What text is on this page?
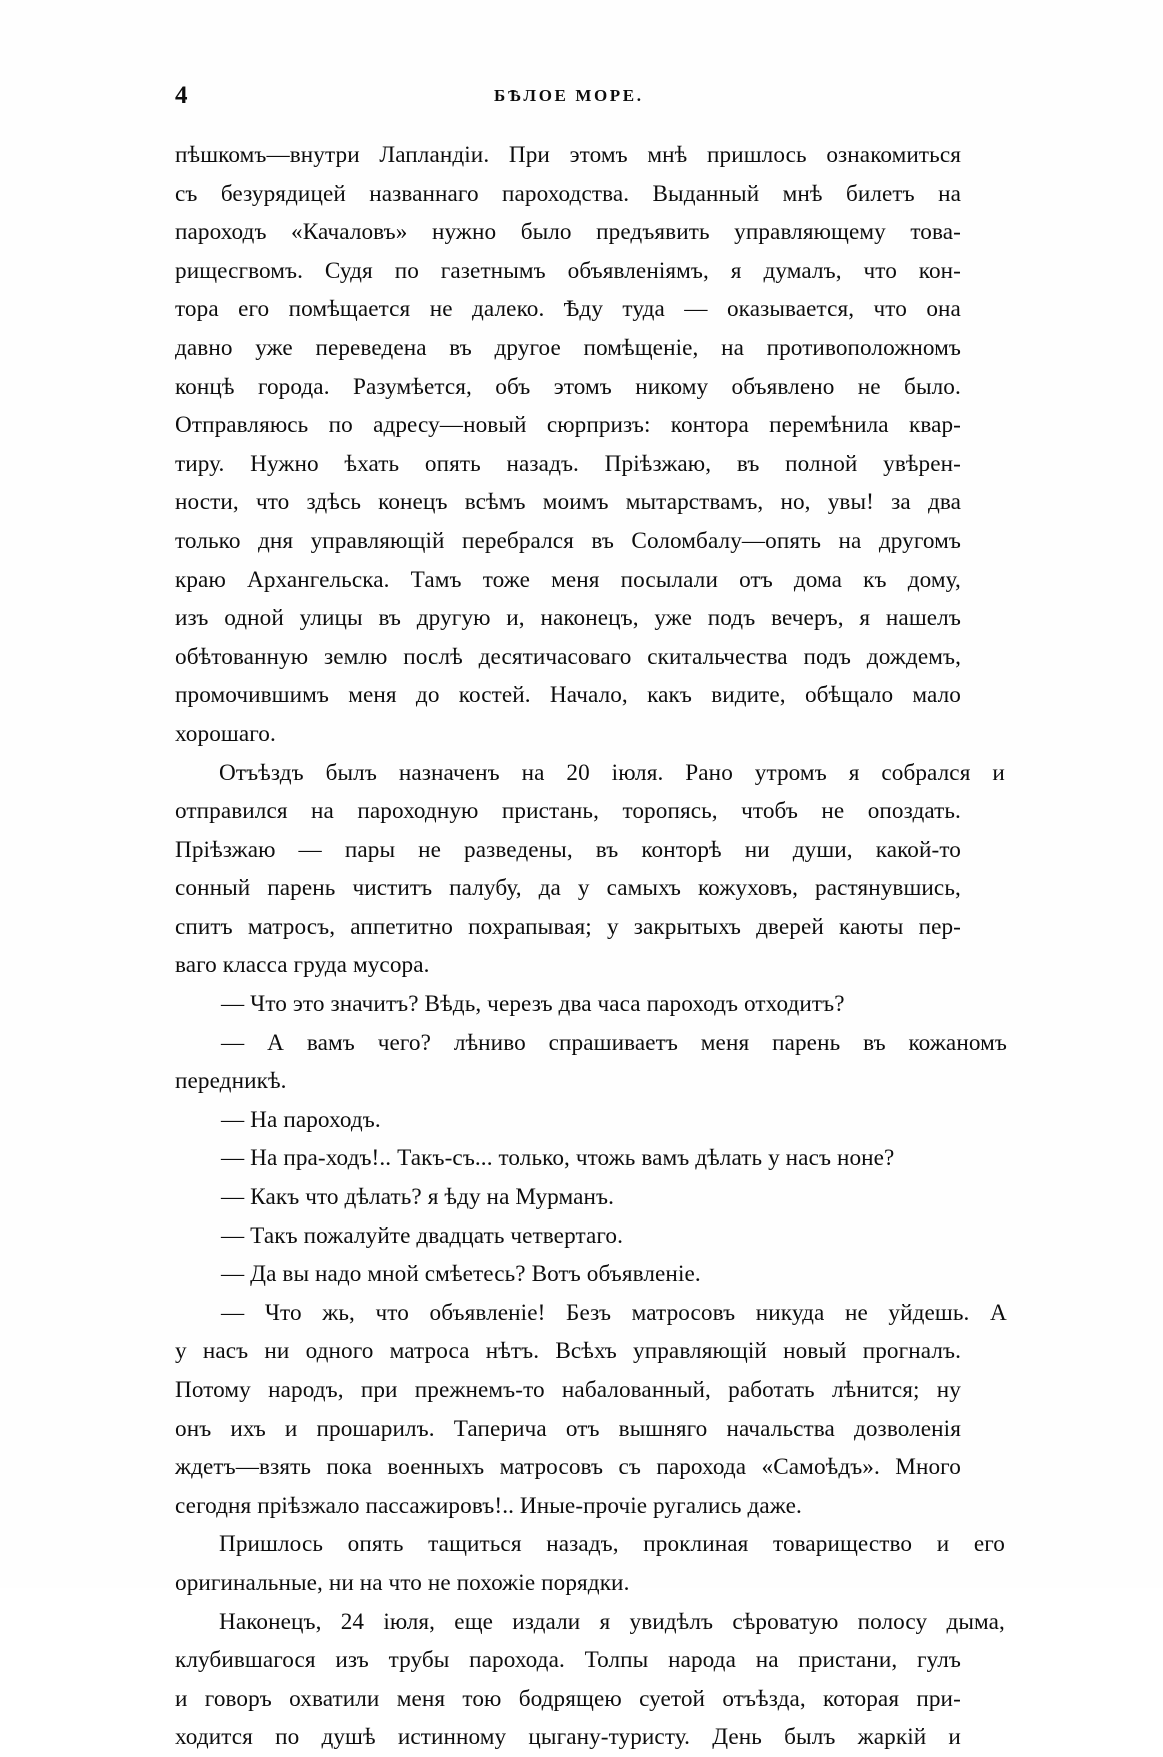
4	БѢЛОЕ МОРЕ.
пѣшкомъ—внутри Лапландіи. При этомъ мнѣ пришлось ознакомиться
съ безурядицей названнаго пароходства. Выданный мнѣ билетъ на
пароходъ «Качаловъ» нужно было предъявить управляющему това-
рищесгвомъ. Судя по газетнымъ объявленіямъ, я думалъ, что кон-
тора его помѣщается не далеко. Ѣду туда — оказывается, что она
давно уже переведена въ другое помѣщеніе, на противоположномъ
концѣ города. Разумѣется, объ этомъ никому объявлено не было.
Отправляюсь по адресу—новый сюрпризъ: контора перемѣнила квар-
тиру. Нужно ѣхать опять назадъ. Пріѣзжаю, въ полной увѣрен-
ности, что здѣсь конецъ всѣмъ моимъ мытарствамъ, но, увы! за два
только дня управляющій перебрался въ Соломбалу—опять на другомъ
краю Архангельска. Тамъ тоже меня посылали отъ дома къ дому,
изъ одной улицы въ другую и, наконецъ, уже подъ вечеръ, я нашелъ
обѣтованную землю послѣ десятичасоваго скитальчества подъ дождемъ,
промочившимъ меня до костей. Начало, какъ видите, обѣщало мало
хорошаго.
Отъѣздъ былъ назначенъ на 20 іюля. Рано утромъ я собрался и
отправился на пароходную пристань, торопясь, чтобъ не опоздать.
Пріѣзжаю — пары не разведены, въ конторѣ ни души, какой-то
сонный парень чиститъ палубу, да у самыхъ кожуховъ, растянувшись,
спитъ матросъ, аппетитно похрапывая; у закрытыхъ дверей каюты пер-
ваго класса груда мусора.
— Что это значитъ? Вѣдь, черезъ два часа пароходъ отходитъ?
— А вамъ чего? лѣниво спрашиваетъ меня парень въ кожаномъ
передникѣ.
— На пароходъ.
— На пра-ходъ!.. Такъ-съ... только, чтожь вамъ дѣлать у насъ ноне?
— Какъ что дѣлать? я ѣду на Мурманъ.
— Такъ пожалуйте двадцать четвертаго.
— Да вы надо мной смѣетесь? Вотъ объявленіе.
— Что жь, что объявленіе! Безъ матросовъ никуда не уйдешь. А
у насъ ни одного матроса нѣтъ. Всѣхъ управляющій новый прогналъ.
Потому народъ, при прежнемъ-то набалованный, работать лѣнится; ну
онъ ихъ и прошарилъ. Таперича отъ вышняго начальства дозволенія
ждетъ—взять пока военныхъ матросовъ съ парохода «Самоѣдъ». Много
сегодня пріѣзжало пассажировъ!.. Иные-прочіе ругались даже.
Пришлось опять тащиться назадъ, проклиная товарищество и его
оригинальные, ни на что не похожіе порядки.
Наконецъ, 24 іюля, еще издали я увидѣлъ сѣроватую полосу дыма,
клубившагося изъ трубы парохода. Толпы народа на пристани, гулъ
и говоръ охватили меня тою бодрящею суетой отъѣзда, которая при-
ходится по душѣ истинному цыгану-туристу. День былъ жаркій и
